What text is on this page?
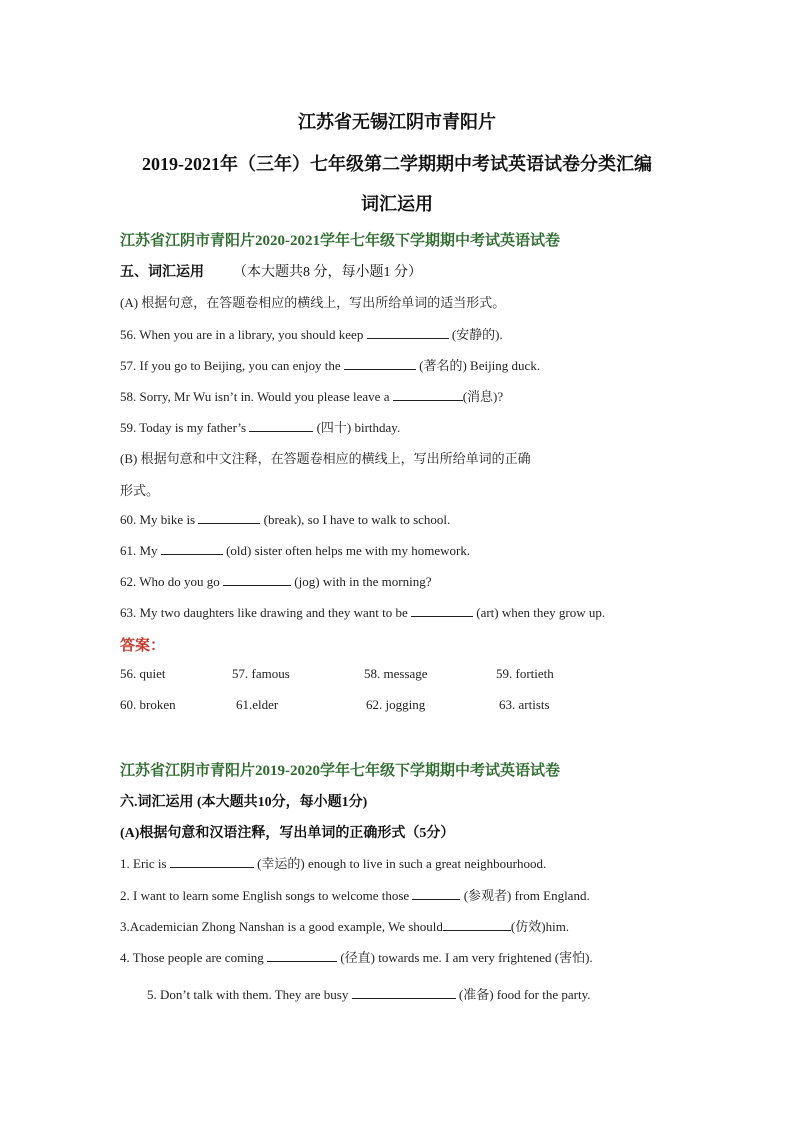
江苏省无锡江阴市青阳片
2019-2021年（三年）七年级第二学期期中考试英语试卷分类汇编
词汇运用
江苏省江阴市青阳片2020-2021学年七年级下学期期中考试英语试卷
五、词汇运用 （本大题共8 分，每小题1 分）
(A) 根据句意，在答题卷相应的横线上，写出所给单词的适当形式。
56. When you are in a library, you should keep	(安静的).
57. If you go to Beijing, you can enjoy the	(著名的) Beijing duck.
58. Sorry, Mr Wu isn’t in. Would you please leave a	(消息)?
59. Today is my father’s	(四十) birthday.
(B) 根据句意和中文注释，在答题卷相应的横线上，写出所给单词的正确
形式。
60. My bike is	(break), so I have to walk to school.
61. My	(old) sister often helps me with my homework.
62. Who do you go	(jog) with in the morning?
63. My two daughters like drawing and they want to be	(art) when they grow up.
答案：
56. quiet	57. famous	58. message	59. fortieth
60. broken	61.elder	62. jogging	63. artists
江苏省江阴市青阳片2019-2020学年七年级下学期期中考试英语试卷
六.词汇运用 (本大题共10分，每小题1分)
(A)根据句意和汉语注释，写出单词的正确形式（5分）
1. Eric is	(幸运的) enough to live in such a great neighbourhood.
2. I want to learn some English songs to welcome those	(参观者) from England.
3.Academician Zhong Nanshan is a good example, We should	(仿效)him.
4. Those people are coming	(径直) towards me. I am very frightened (害怕).
5. Don’t talk with them. They are busy	(准备) food for the party.
